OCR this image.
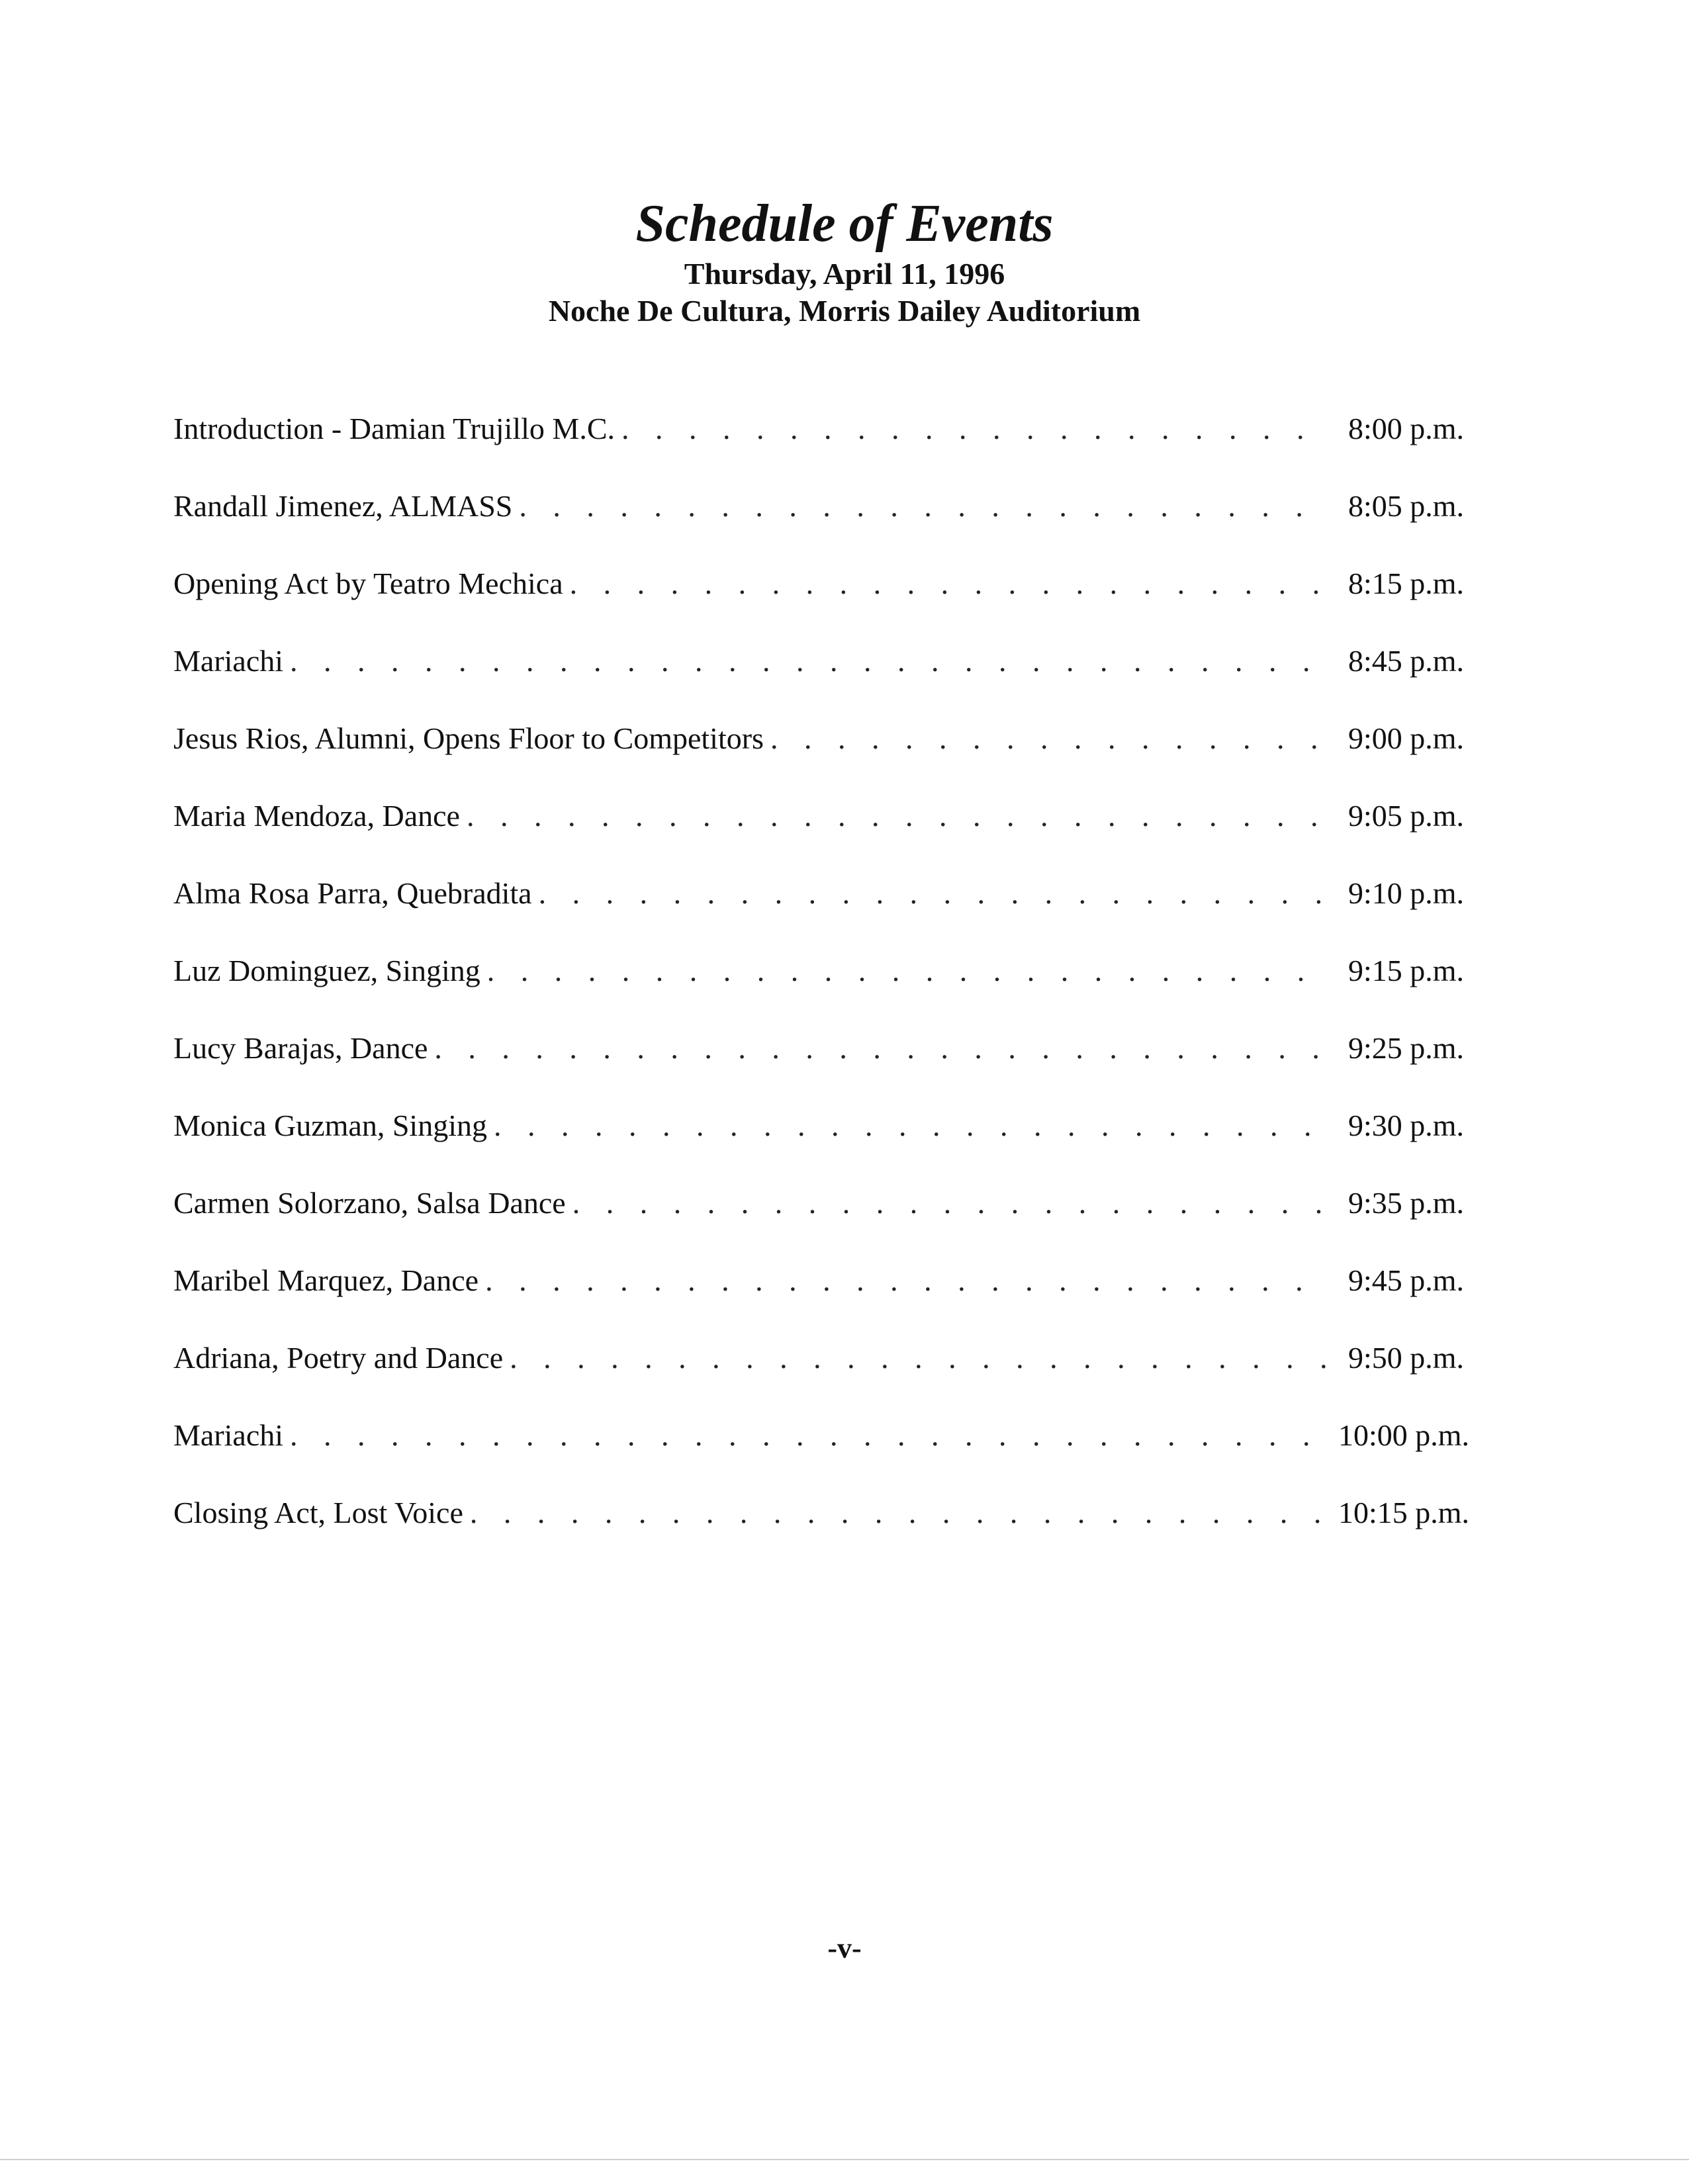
Schedule of Events

Thursday, April 11, 1996

Noche De Cultura, Morris Dailey Auditorium

Introduction - Damian Trujillo M.C. . . .	8:00 p.m.
Randall Jimenez, ALMASS . . .	8:05 p.m.
Opening Act by Teatro Mechica . . .	8:15 p.m.
Mariachi . . .	8:45 p.m.
Jesus Rios, Alumni, Opens Floor to Competitors . . .	9:00 p.m.
Maria Mendoza, Dance . . .	9:05 p.m.
Alma Rosa Parra, Quebradita . . .	9:10 p.m.
Luz Dominguez, Singing . . .	9:15 p.m.
Lucy Barajas, Dance . . .	9:25 p.m.
Monica Guzman, Singing . . .	9:30 p.m.
Carmen Solorzano, Salsa Dance . . .	9:35 p.m.
Maribel Marquez, Dance . . .	9:45 p.m.
Adriana, Poetry and Dance . . .	9:50 p.m.
Mariachi . . .	10:00 p.m.
Closing Act, Lost Voice . . .	10:15 p.m.
-v-
